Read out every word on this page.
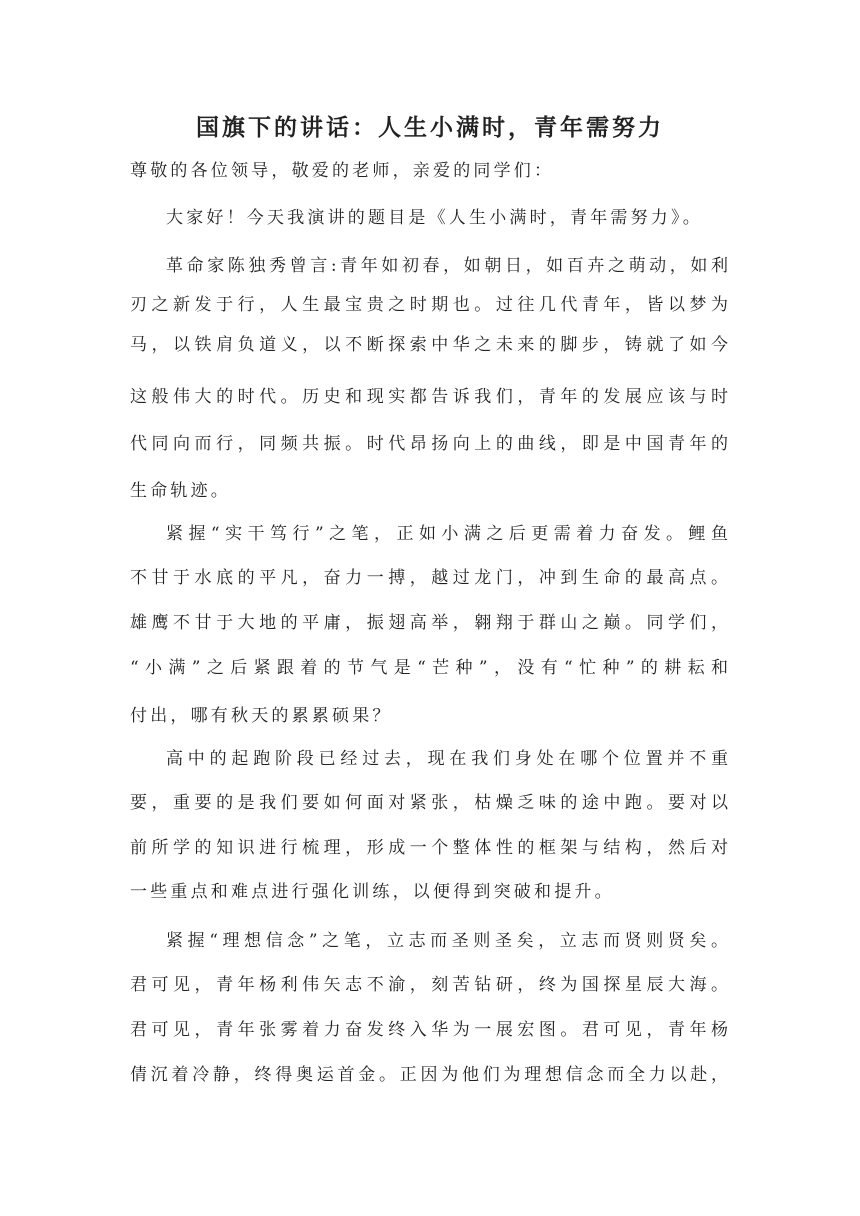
国旗下的讲话：人生小满时，青年需努力
尊敬的各位领导，敬爱的老师，亲爱的同学们：
大家好！今天我演讲的题目是《人生小满时，青年需努力》。
革命家陈独秀曾言:青年如初春，如朝日，如百卉之萌动，如利
刃之新发于行，人生最宝贵之时期也。过往几代青年，皆以梦为
马，以铁肩负道义，以不断探索中华之未来的脚步，铸就了如今
这般伟大的时代。历史和现实都告诉我们，青年的发展应该与时
代同向而行，同频共振。时代昂扬向上的曲线，即是中国青年的
生命轨迹。
紧握“实干笃行”之笔，正如小满之后更需着力奋发。鲤鱼
不甘于水底的平凡，奋力一搏，越过龙门，冲到生命的最高点。
雄鹰不甘于大地的平庸，振翅高举，翱翔于群山之巅。同学们，
“小满”之后紧跟着的节气是“芒种”，没有“忙种”的耕耘和
付出，哪有秋天的累累硕果？
高中的起跑阶段已经过去，现在我们身处在哪个位置并不重
要，重要的是我们要如何面对紧张，枯燥乏味的途中跑。要对以
前所学的知识进行梳理，形成一个整体性的框架与结构，然后对
一些重点和难点进行强化训练，以便得到突破和提升。
紧握“理想信念”之笔，立志而圣则圣矣，立志而贤则贤矣。
君可见，青年杨利伟矢志不渝，刻苦钻研，终为国探星辰大海。
君可见，青年张雾着力奋发终入华为一展宏图。君可见，青年杨
倩沉着冷静，终得奥运首金。正因为他们为理想信念而全力以赴，
